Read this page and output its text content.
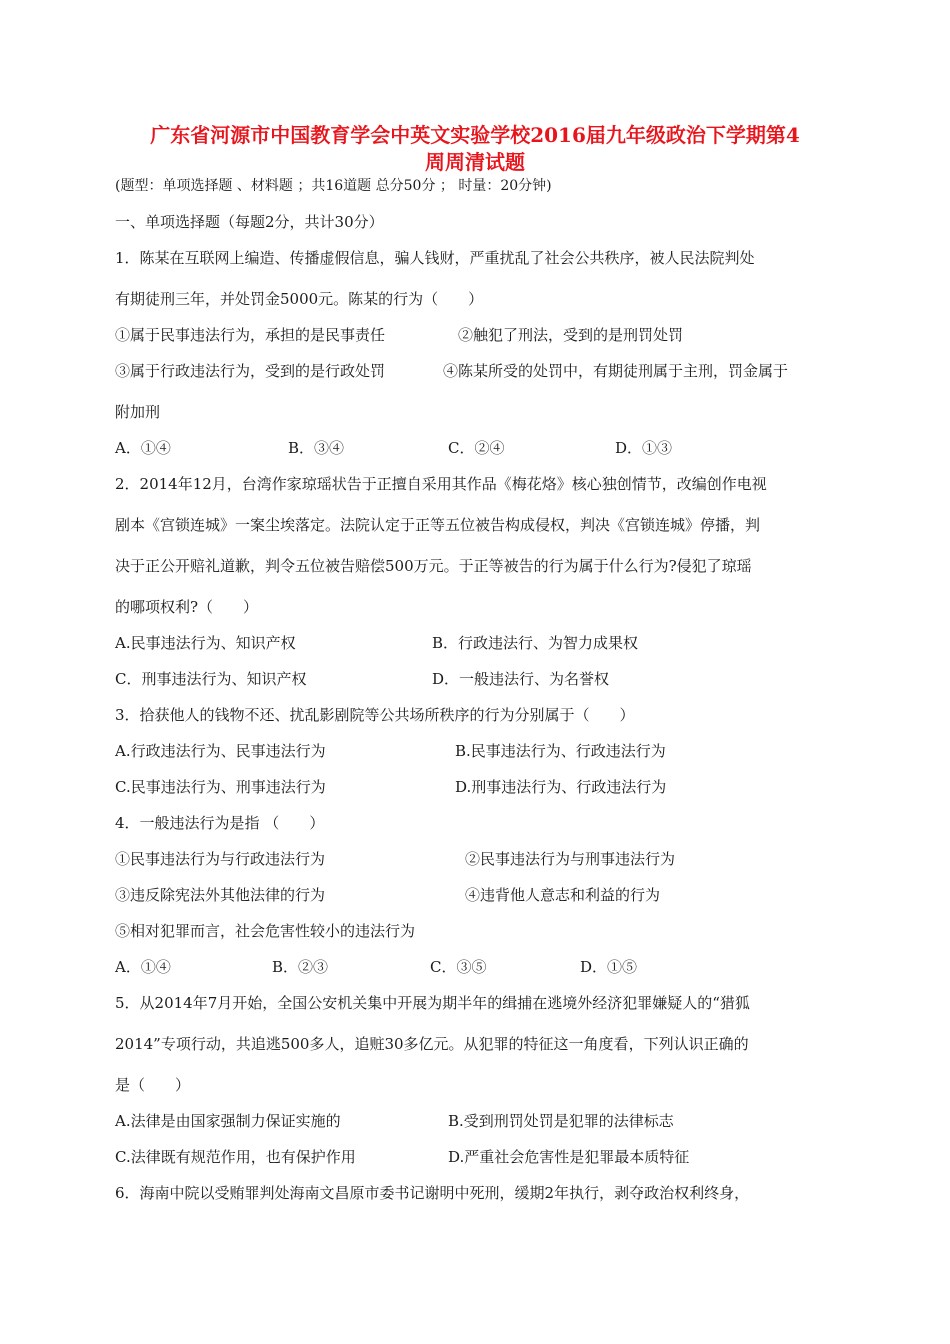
广东省河源市中国教育学会中英文实验学校2016届九年级政治下学期第4
周周清试题
(题型：单项选择题 、材料题 ；共16道题 总分50分 ； 时量：20分钟)
一、单项选择题（每题2分，共计30分）
1．陈某在互联网上编造、传播虚假信息，骗人钱财，严重扰乱了社会公共秩序，被人民法院判处
有期徒刑三年，并处罚金5000元。陈某的行为（　　）
①属于民事违法行为，承担的是民事责任	②触犯了刑法，受到的是刑罚处罚
③属于行政违法行为，受到的是行政处罚	④陈某所受的处罚中，有期徒刑属于主刑，罚金属于
附加刑
A．①④	B．③④	C．②④	D．①③
2．2014年12月，台湾作家琼瑶状告于正擅自采用其作品《梅花烙》核心独创情节，改编创作电视
剧本《宫锁连城》一案尘埃落定。法院认定于正等五位被告构成侵权，判决《宫锁连城》停播，判
决于正公开赔礼道歉，判令五位被告赔偿500万元。于正等被告的行为属于什么行为?侵犯了琼瑶
的哪项权利?（　　）
A.民事违法行为、知识产权	B．行政违法行、为智力成果权
C．刑事违法行为、知识产权	D．一般违法行、为名誉权
3．拾获他人的钱物不还、扰乱影剧院等公共场所秩序的行为分别属于（　　）
A.行政违法行为、民事违法行为	B.民事违法行为、行政违法行为
C.民事违法行为、刑事违法行为	D.刑事违法行为、行政违法行为
4．一般违法行为是指 （　　）
①民事违法行为与行政违法行为	②民事违法行为与刑事违法行为
③违反除宪法外其他法律的行为	④违背他人意志和利益的行为
⑤相对犯罪而言，社会危害性较小的违法行为
A．①④	B．②③	C．③⑤	D．①⑤
5．从2014年7月开始，全国公安机关集中开展为期半年的缉捕在逃境外经济犯罪嫌疑人的“猎狐
2014”专项行动，共追逃500多人，追赃30多亿元。从犯罪的特征这一角度看，下列认识正确的
是（　　）
A.法律是由国家强制力保证实施的	B.受到刑罚处罚是犯罪的法律标志
C.法律既有规范作用，也有保护作用	D.严重社会危害性是犯罪最本质特征
6．海南中院以受贿罪判处海南文昌原市委书记谢明中死刑，缓期2年执行，剥夺政治权利终身，
